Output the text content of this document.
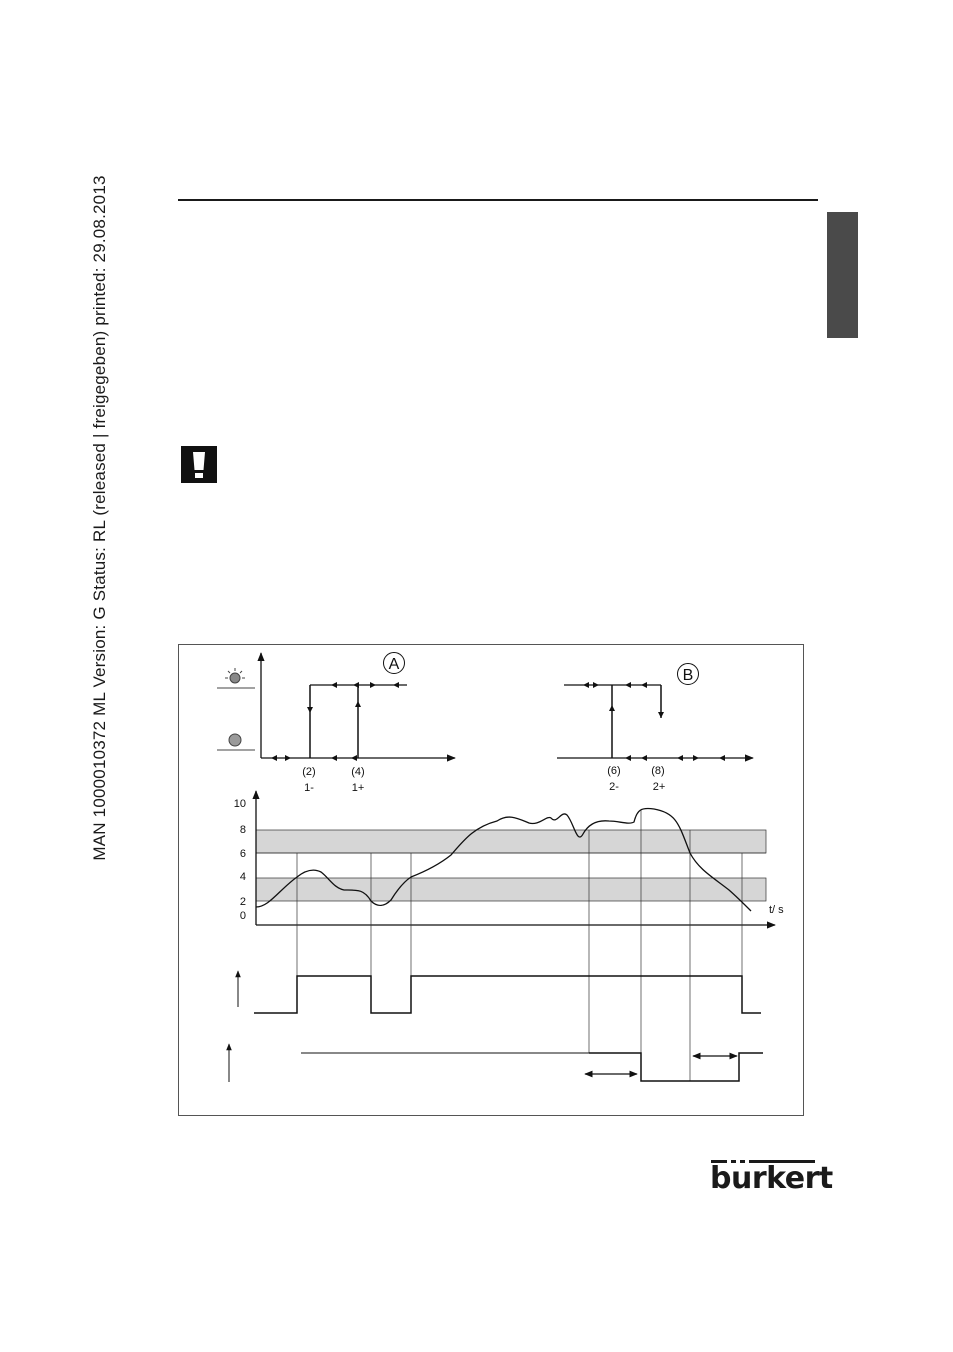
MAN 1000010372 ML Version: G Status: RL (released | freigegeben) printed: 29.08.2013	A
(2)
1-
(4)
1+
B
(6)
2-
(8)
2+
10
8
6
4
2
0	t/ s
burkert
